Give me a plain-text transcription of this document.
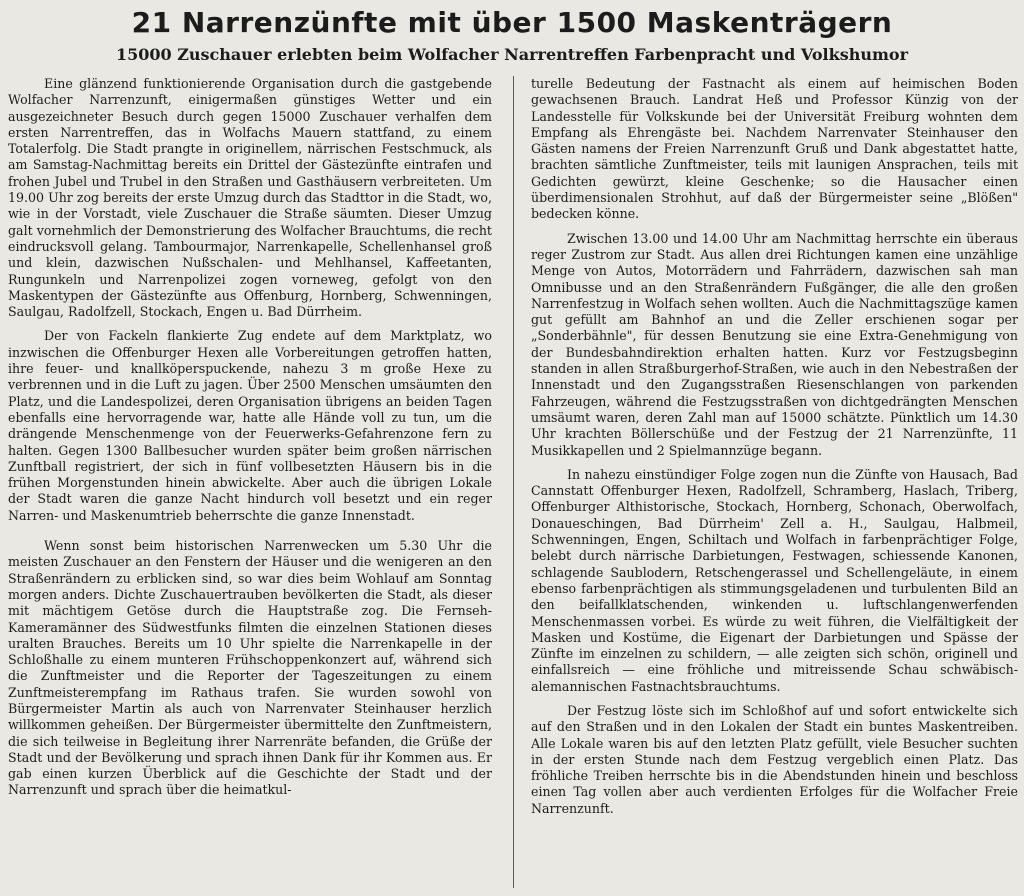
21 Narrenzünfte mit über 1500 Maskenträgern
15000 Zuschauer erlebten beim Wolfacher Narrentreffen Farbenpracht und Volkshumor

Eine glänzend funktionierende Organisation durch die gastgebende Wolfacher Narrenzunft, einigermaßen günstiges Wetter und ein ausgezeichneter Besuch durch gegen 15000 Zuschauer verhalfen dem ersten Narrentreffen, das in Wolfachs Mauern stattfand, zu einem Totalerfolg. Die Stadt prangte in originellem, närrischen Festschmuck, als am Samstag-Nachmittag bereits ein Drittel der Gästezünfte eintrafen und frohen Jubel und Trubel in den Straßen und Gasthäusern verbreiteten. Um 19.00 Uhr zog bereits der erste Umzug durch das Stadttor in die Stadt, wo, wie in der Vorstadt, viele Zuschauer die Straße säumten. Dieser Umzug galt vornehmlich der Demonstrierung des Wolfacher Brauchtums, die recht eindrucksvoll gelang. Tambourmajor, Narrenkapelle, Schellenhansel groß und klein, dazwischen Nußschalen- und Mehlhansel, Kaffeetanten, Rungunkeln und Narrenpolizei zogen vorneweg, gefolgt von den Maskentypen der Gästezünfte aus Offenburg, Hornberg, Schwenningen, Saulgau, Radolfzell, Stockach, Engen u. Bad Dürrheim.

Der von Fackeln flankierte Zug endete auf dem Marktplatz, wo inzwischen die Offenburger Hexen alle Vorbereitungen getroffen hatten, ihre feuer- und knallköperspuckende, nahezu 3 m große Hexe zu verbrennen und in die Luft zu jagen. Über 2500 Menschen umsäumten den Platz, und die Landespolizei, deren Organisation übrigens an beiden Tagen ebenfalls eine hervorragende war, hatte alle Hände voll zu tun, um die drängende Menschenmenge von der Feuerwerks-Gefahrenzone fern zu halten. Gegen 1300 Ballbesucher wurden später beim großen närrischen Zunftball registriert, der sich in fünf vollbesetzten Häusern bis in die frühen Morgenstunden hinein abwickelte. Aber auch die übrigen Lokale der Stadt waren die ganze Nacht hindurch voll besetzt und ein reger Narren- und Maskenumtrieb beherrschte die ganze Innenstadt.

Wenn sonst beim historischen Narrenwecken um 5.30 Uhr die meisten Zuschauer an den Fenstern der Häuser und die wenigeren an den Straßenrändern zu erblicken sind, so war dies beim Wohlauf am Sonntag morgen anders. Dichte Zuschauertrauben bevölkerten die Stadt, als dieser mit mächtigem Getöse durch die Hauptstraße zog. Die Fernseh-Kameramänner des Südwestfunks filmten die einzelnen Stationen dieses uralten Brauches. Bereits um 10 Uhr spielte die Narrenkapelle in der Schloßhalle zu einem munteren Frühschoppenkonzert auf, während sich die Zunftmeister und die Reporter der Tageszeitungen zu einem Zunftmeisterempfang im Rathaus trafen. Sie wurden sowohl von Bürgermeister Martin als auch von Narrenvater Steinhauser herzlich willkommen geheißen. Der Bürgermeister übermittelte den Zunftmeistern, die sich teilweise in Begleitung ihrer Narrenräte befanden, die Grüße der Stadt und der Bevölkerung und sprach ihnen Dank für ihr Kommen aus. Er gab einen kurzen Überblick auf die Geschichte der Stadt und der Narrenzunft und sprach über die heimatkul-

turelle Bedeutung der Fastnacht als einem auf heimischen Boden gewachsenen Brauch. Landrat Heß und Professor Künzig von der Landesstelle für Volkskunde bei der Universität Freiburg wohnten dem Empfang als Ehrengäste bei. Nachdem Narrenvater Steinhauser den Gästen namens der Freien Narrenzunft Gruß und Dank abgestattet hatte, brachten sämtliche Zunftmeister, teils mit launigen Ansprachen, teils mit Gedichten gewürzt, kleine Geschenke; so die Hausacher einen überdimensionalen Strohhut, auf daß der Bürgermeister seine „Blößen" bedecken könne.

Zwischen 13.00 und 14.00 Uhr am Nachmittag herrschte ein überaus reger Zustrom zur Stadt. Aus allen drei Richtungen kamen eine unzählige Menge von Autos, Motorrädern und Fahrrädern, dazwischen sah man Omnibusse und an den Straßenrändern Fußgänger, die alle den großen Narrenfestzug in Wolfach sehen wollten. Auch die Nachmittagszüge kamen gut gefüllt am Bahnhof an und die Zeller erschienen sogar per „Sonderbähnle", für dessen Benutzung sie eine Extra-Genehmigung von der Bundesbahndirektion erhalten hatten. Kurz vor Festzugsbeginn standen in allen Straßburgerhof-Straßen, wie auch in den Nebestraßen der Innenstadt und den Zugangsstraßen Riesenschlangen von parkenden Fahrzeugen, während die Festzugsstraßen von dichtgedrängten Menschen umsäumt waren, deren Zahl man auf 15000 schätzte. Pünktlich um 14.30 Uhr krachten Böllerschüße und der Festzug der 21 Narrenzünfte, 11 Musikkapellen und 2 Spielmannzüge begann.

In nahezu einstündiger Folge zogen nun die Zünfte von Hausach, Bad Cannstatt Offenburger Hexen, Radolfzell, Schramberg, Haslach, Triberg, Offenburger Althistorische, Stockach, Hornberg, Schonach, Oberwolfach, Donaueschingen, Bad Dürrheim' Zell a. H., Saulgau, Halbmeil, Schwenningen, Engen, Schiltach und Wolfach in farbenprächtiger Folge, belebt durch närrische Darbietungen, Festwagen, schiessende Kanonen, schlagende Saublodern, Retschengerassel und Schellengeläute, in einem ebenso farbenprächtigen als stimmungsgeladenen und turbulenten Bild an den beifallklatschenden, winkenden u. luftschlangenwerfenden Menschenmassen vorbei. Es würde zu weit führen, die Vielfältigkeit der Masken und Kostüme, die Eigenart der Darbietungen und Spässe der Zünfte im einzelnen zu schildern, — alle zeigten sich schön, originell und einfallsreich — eine fröhliche und mitreissende Schau schwäbisch-alemannischen Fastnachtsbrauchtums.

Der Festzug löste sich im Schloßhof auf und sofort entwickelte sich auf den Straßen und in den Lokalen der Stadt ein buntes Maskentreiben. Alle Lokale waren bis auf den letzten Platz gefüllt, viele Besucher suchten in der ersten Stunde nach dem Festzug vergeblich einen Platz. Das fröhliche Treiben herrschte bis in die Abendstunden hinein und beschloss einen Tag vollen aber auch verdienten Erfolges für die Wolfacher Freie Narrenzunft.
